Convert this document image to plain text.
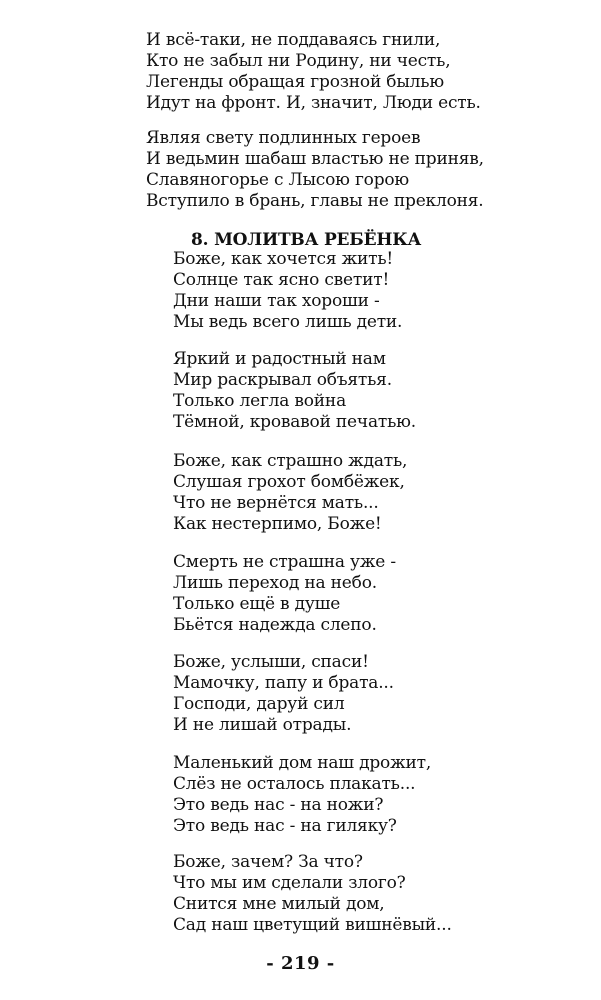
И всё-таки, не поддаваясь гнили,
Кто не забыл ни Родину, ни честь,
Легенды обращая грозной былью
Идут на фронт. И, значит, Люди есть.
Являя свету подлинных героев
И ведьмин шабаш властью не приняв,
Славяногорье с Лысою горою
Вступило в брань, главы не преклоня.
8. МОЛИТВА РЕБЁНКА
Боже, как хочется жить!
Солнце так ясно светит!
Дни наши так хороши -
Мы ведь всего лишь дети.
Яркий и радостный нам
Мир раскрывал объятья.
Только легла война
Тёмной, кровавой печатью.
Боже, как страшно ждать,
Слушая грохот бомбёжек,
Что не вернётся мать...
Как нестерпимо, Боже!
Смерть не страшна уже -
Лишь переход на небо.
Только ещё в душе
Бьётся надежда слепо.
Боже, услыши, спаси!
Мамочку, папу и брата...
Господи, даруй сил
И не лишай отрады.
Маленький дом наш дрожит,
Слёз не осталось плакать...
Это ведь нас - на ножи?
Это ведь нас - на гиляку?
Боже, зачем? За что?
Что мы им сделали злого?
Снится мне милый дом,
Сад наш цветущий вишнёвый...
- 219 -
